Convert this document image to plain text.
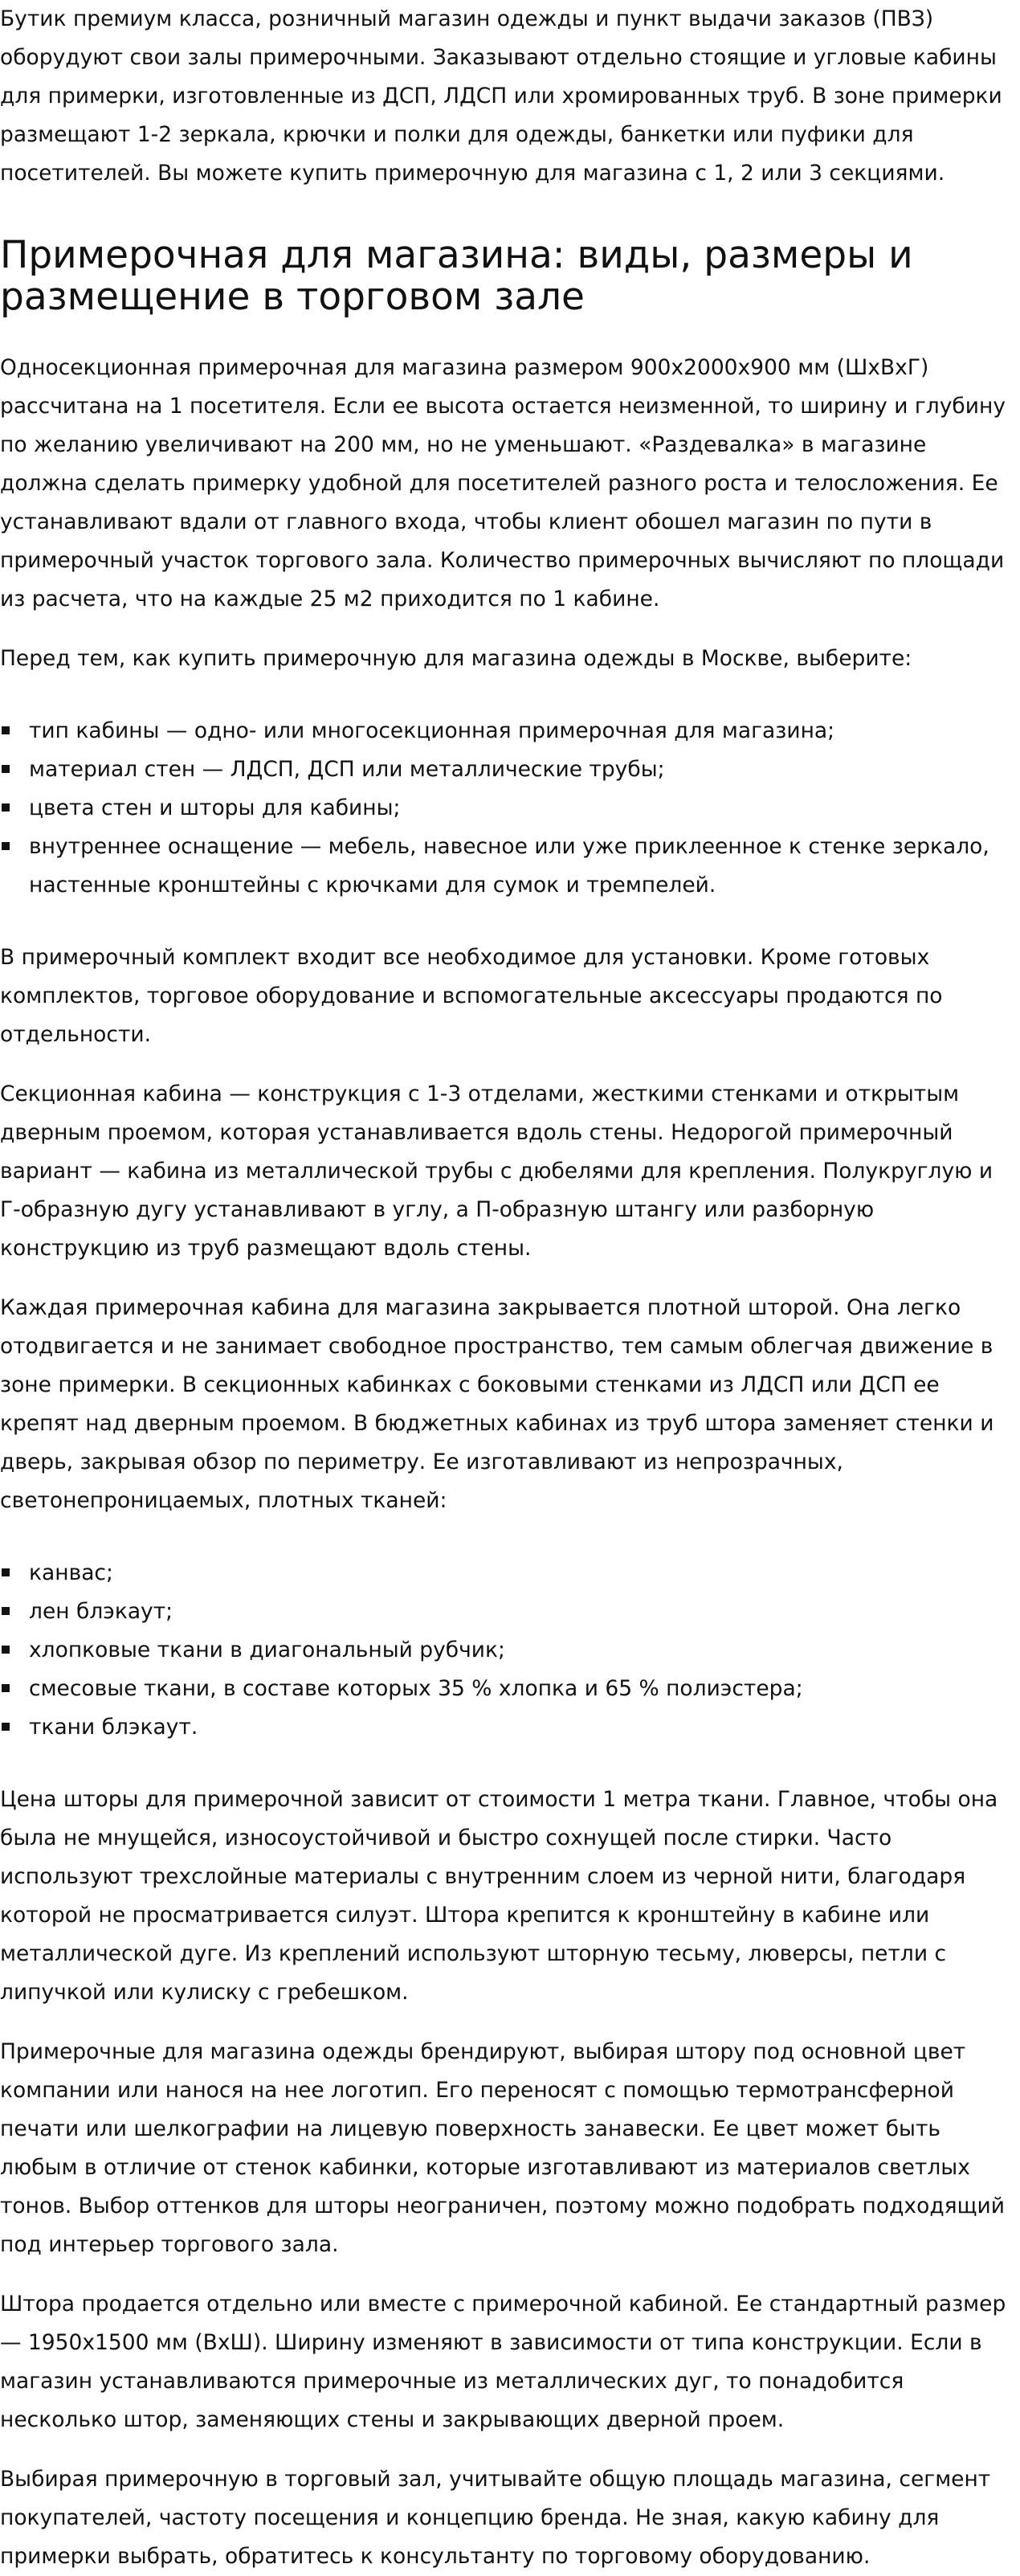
Бутик премиум класса, розничный магазин одежды и пункт выдачи заказов (ПВЗ) оборудуют свои залы примерочными. Заказывают отдельно стоящие и угловые кабины для примерки, изготовленные из ДСП, ЛДСП или хромированных труб. В зоне примерки размещают 1-2 зеркала, крючки и полки для одежды, банкетки или пуфики для посетителей. Вы можете купить примерочную для магазина с 1, 2 или 3 секциями.

Примерочная для магазина: виды, размеры и размещение в торговом зале

Односекционная примерочная для магазина размером 900х2000х900 мм (ШхВхГ) рассчитана на 1 посетителя. Если ее высота остается неизменной, то ширину и глубину по желанию увеличивают на 200 мм, но не уменьшают. «Раздевалка» в магазине должна сделать примерку удобной для посетителей разного роста и телосложения. Ее устанавливают вдали от главного входа, чтобы клиент обошел магазин по пути в примерочный участок торгового зала. Количество примерочных вычисляют по площади из расчета, что на каждые 25 м2 приходится по 1 кабине.

Перед тем, как купить примерочную для магазина одежды в Москве, выберите:

тип кабины — одно- или многосекционная примерочная для магазина;
материал стен — ЛДСП, ДСП или металлические трубы;
цвета стен и шторы для кабины;
внутреннее оснащение — мебель, навесное или уже приклеенное к стенке зеркало, настенные кронштейны с крючками для сумок и тремпелей.

В примерочный комплект входит все необходимое для установки. Кроме готовых комплектов, торговое оборудование и вспомогательные аксессуары продаются по отдельности.

Секционная кабина — конструкция с 1-3 отделами, жесткими стенками и открытым дверным проемом, которая устанавливается вдоль стены. Недорогой примерочный вариант — кабина из металлической трубы с дюбелями для крепления. Полукруглую и Г-образную дугу устанавливают в углу, а П-образную штангу или разборную конструкцию из труб размещают вдоль стены.

Каждая примерочная кабина для магазина закрывается плотной шторой. Она легко отодвигается и не занимает свободное пространство, тем самым облегчая движение в зоне примерки. В секционных кабинках с боковыми стенками из ЛДСП или ДСП ее крепят над дверным проемом. В бюджетных кабинах из труб штора заменяет стенки и дверь, закрывая обзор по периметру. Ее изготавливают из непрозрачных, светонепроницаемых, плотных тканей:

канвас;
лен блэкаут;
хлопковые ткани в диагональный рубчик;
смесовые ткани, в составе которых 35 % хлопка и 65 % полиэстера;
ткани блэкаут.

Цена шторы для примерочной зависит от стоимости 1 метра ткани. Главное, чтобы она была не мнущейся, износоустойчивой и быстро сохнущей после стирки. Часто используют трехслойные материалы с внутренним слоем из черной нити, благодаря которой не просматривается силуэт. Штора крепится к кронштейну в кабине или металлической дуге. Из креплений используют шторную тесьму, люверсы, петли с липучкой или кулиску с гребешком.

Примерочные для магазина одежды брендируют, выбирая штору под основной цвет компании или нанося на нее логотип. Его переносят с помощью термотрансферной печати или шелкографии на лицевую поверхность занавески. Ее цвет может быть любым в отличие от стенок кабинки, которые изготавливают из материалов светлых тонов. Выбор оттенков для шторы неограничен, поэтому можно подобрать подходящий под интерьер торгового зала.

Штора продается отдельно или вместе с примерочной кабиной. Ее стандартный размер — 1950х1500 мм (ВхШ). Ширину изменяют в зависимости от типа конструкции. Если в магазин устанавливаются примерочные из металлических дуг, то понадобится несколько штор, заменяющих стены и закрывающих дверной проем.

Выбирая примерочную в торговый зал, учитывайте общую площадь магазина, сегмент покупателей, частоту посещения и концепцию бренда. Не зная, какую кабину для примерки выбрать, обратитесь к консультанту по торговому оборудованию.
